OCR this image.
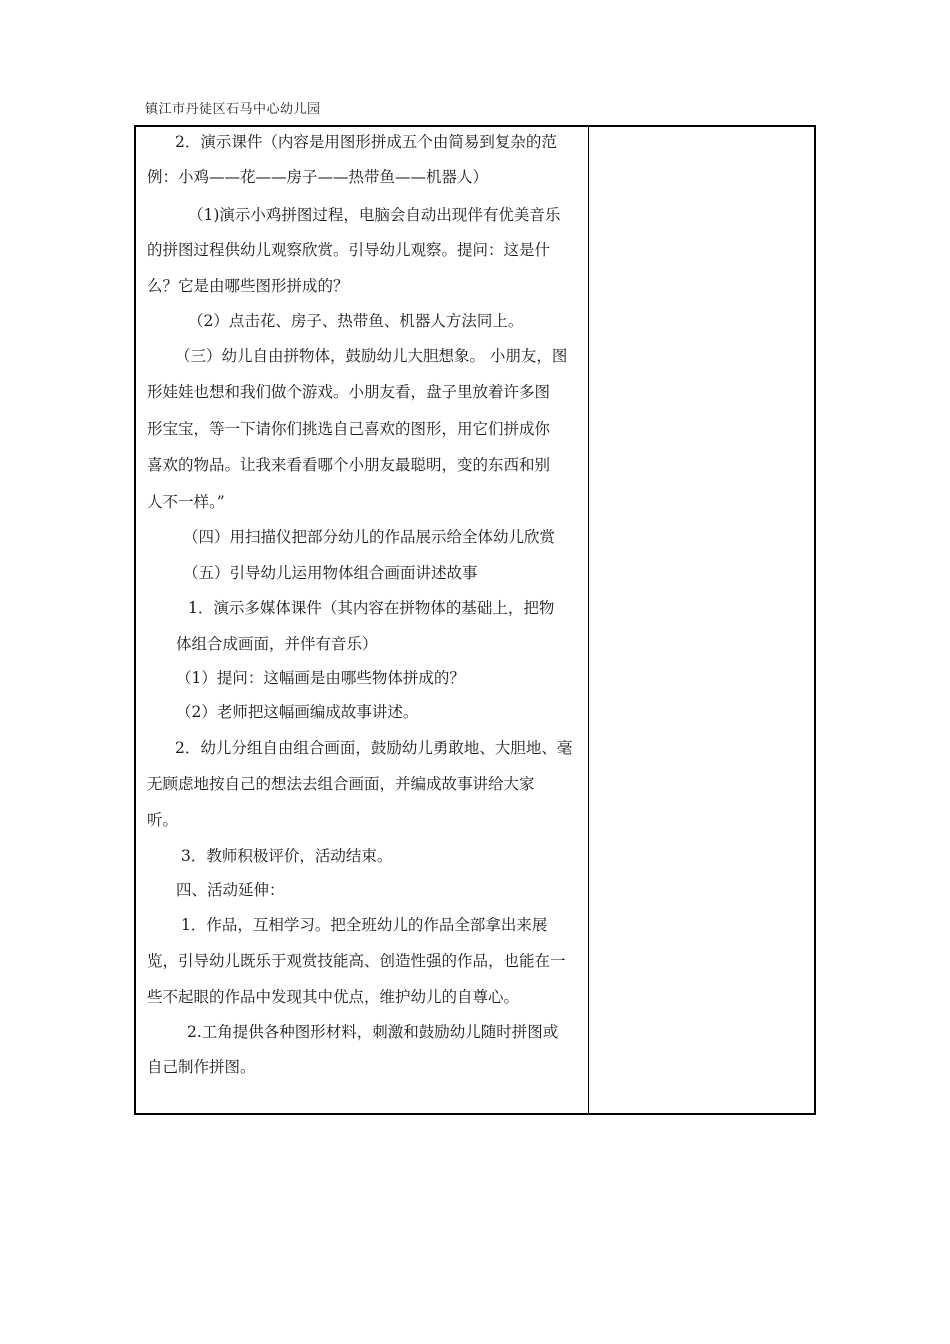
镇江市丹徒区石马中心幼儿园
2．演示课件（内容是用图形拼成五个由简易到复杂的范
例：小鸡——花——房子——热带鱼——机器人）
（1)演示小鸡拼图过程，电脑会自动出现伴有优美音乐
的拼图过程供幼儿观察欣赏。引导幼儿观察。提问：这是什
么？它是由哪些图形拼成的？
（2）点击花、房子、热带鱼、机器人方法同上。
（三）幼儿自由拼物体，鼓励幼儿大胆想象。 小朋友，图
形娃娃也想和我们做个游戏。小朋友看，盘子里放着许多图
形宝宝，等一下请你们挑选自己喜欢的图形，用它们拼成你
喜欢的物品。让我来看看哪个小朋友最聪明，变的东西和别
人不一样。”
（四）用扫描仪把部分幼儿的作品展示给全体幼儿欣赏
（五）引导幼儿运用物体组合画面讲述故事
1．演示多媒体课件（其内容在拼物体的基础上，把物
体组合成画面，并伴有音乐）
（1）提问：这幅画是由哪些物体拼成的？
（2）老师把这幅画编成故事讲述。
2．幼儿分组自由组合画面，鼓励幼儿勇敢地、大胆地、毫
无顾虑地按自己的想法去组合画面，并编成故事讲给大家
听。
3．教师积极评价，活动结束。
四、活动延伸：
1．作品，互相学习。把全班幼儿的作品全部拿出来展
览，引导幼儿既乐于观赏技能高、创造性强的作品，也能在一
些不起眼的作品中发现其中优点，维护幼儿的自尊心。
2.工角提供各种图形材料，刺激和鼓励幼儿随时拼图或
自己制作拼图。
